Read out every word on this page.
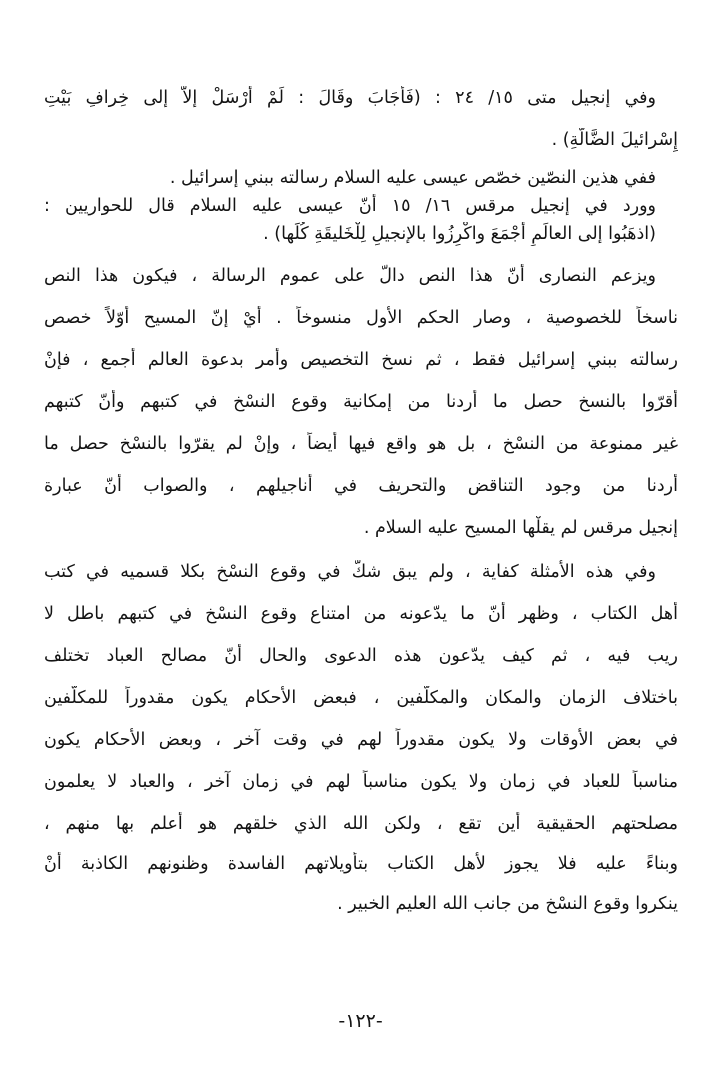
وفي إنجيل متى ١٥/ ٢٤ : (فَأَجَابَ وقَالَ : لَمْ أُرْسَلْ إلاّ إلى خِرافِ بَيْتِ
إِسْرائيلَ الضَّالَّةِ) .
ففي هذين النصّين خصّص عيسى عليه السلام رسالته ببني إسرائيل .
وورد في إنجيل مرقس ١٦/ ١٥ أنّ عيسى عليه السلام قال للحواريين :
(اذهَبُوا إلى العالَمِ أَجْمَعَ واكْرِزُوا بالإنجيلِ لِلْخَليقَةِ كُلِّها) .
ويزعم النصارى أنّ هذا النص دالّ على عموم الرسالة ، فيكون هذا النص
ناسخاً للخصوصية ، وصار الحكم الأول منسوخاً . أيْ إنّ المسيح أوّلاً خصص
رسالته ببني إسرائيل فقط ، ثم نسخ التخصيص وأمر بدعوة العالم أجمع ، فإنْ
أقرّوا بالنسخ حصل ما أردنا من إمكانية وقوع النسْخ في كتبهم وأنّ كتبهم
غير ممنوعة من النسْخ ، بل هو واقع فيها أيضاً ، وإنْ لم يقرّوا بالنسْخ حصل ما
أردنا من وجود التناقض والتحريف في أناجيلهم ، والصواب أنّ عبارة
إنجيل مرقس لم يقلْها المسيح عليه السلام .
وفي هذه الأمثلة كفاية ، ولم يبق شكٌّ في وقوع النسْخ بكلا قسميه في كتب
أهل الكتاب ، وظهر أنّ ما يدّعونه من امتناع وقوع النسْخ في كتبهم باطل لا
ريب فيه ، ثم كيف يدّعون هذه الدعوى والحال أنّ مصالح العباد تختلف
باختلاف الزمان والمكان والمكلّفين ، فبعض الأحكام يكون مقدوراً للمكلّفين
في بعض الأوقات ولا يكون مقدوراً لهم في وقت آخر ، وبعض الأحكام يكون
مناسباً للعباد في زمان ولا يكون مناسباً لهم في زمان آخر ، والعباد لا يعلمون
مصلحتهم الحقيقية أين تقع ، ولكن الله الذي خلقهم هو أعلم بها منهم ،
وبناءً عليه فلا يجوز لأهل الكتاب بتأويلاتهم الفاسدة وظنونهم الكاذبة أنْ
ينكروا وقوع النسْخ من جانب الله العليم الخبير .
-١٢٢-
